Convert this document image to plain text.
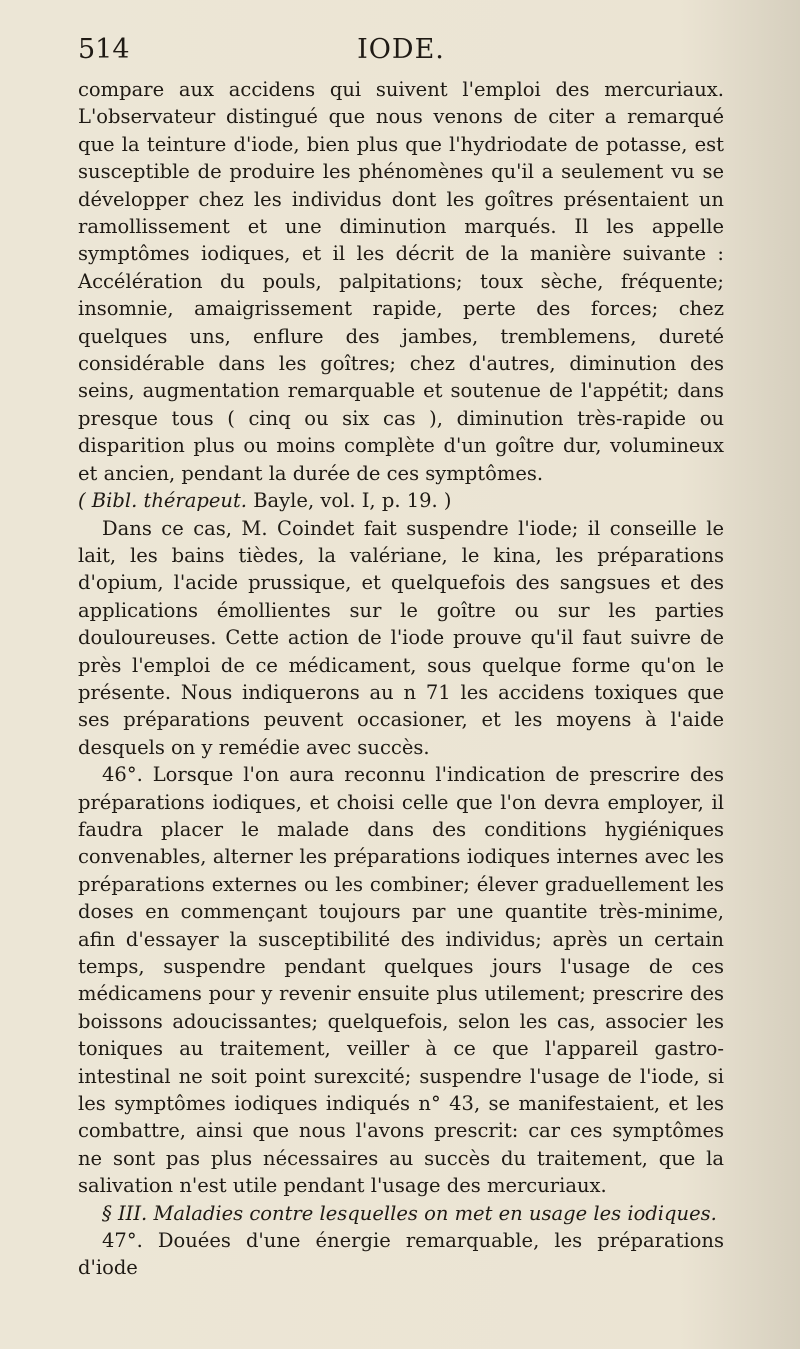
514	IODE.

compare aux accidens qui suivent l'emploi des mercuriaux. L'observateur distingué que nous venons de citer a remarqué que la teinture d'iode, bien plus que l'hydriodate de potasse, est susceptible de produire les phénomènes qu'il a seulement vu se développer chez les individus dont les goîtres présentaient un ramollissement et une diminution marqués. Il les appelle symptômes iodiques, et il les décrit de la manière suivante : Accélération du pouls, palpitations; toux sèche, fréquente; insomnie, amaigrissement rapide, perte des forces; chez quelques uns, enflure des jambes, tremblemens, dureté considérable dans les goîtres; chez d'autres, diminution des seins, augmentation remarquable et soutenue de l'appétit; dans presque tous ( cinq ou six cas ), diminution très-rapide ou disparition plus ou moins complète d'un goître dur, volumineux et ancien, pendant la durée de ces symptômes.
( Bibl. thérapeut. Bayle, vol. I, p. 19. )

Dans ce cas, M. Coindet fait suspendre l'iode; il conseille le lait, les bains tièdes, la valériane, le kina, les préparations d'opium, l'acide prussique, et quelquefois des sangsues et des applications émollientes sur le goître ou sur les parties douloureuses. Cette action de l'iode prouve qu'il faut suivre de près l'emploi de ce médicament, sous quelque forme qu'on le présente. Nous indiquerons au n 71 les accidens toxiques que ses préparations peuvent occasioner, et les moyens à l'aide desquels on y remédie avec succès.

46°. Lorsque l'on aura reconnu l'indication de prescrire des préparations iodiques, et choisi celle que l'on devra employer, il faudra placer le malade dans des conditions hygiéniques convenables, alterner les préparations iodiques internes avec les préparations externes ou les combiner; élever graduellement les doses en commençant toujours par une quantite très-minime, afin d'essayer la susceptibilité des individus; après un certain temps, suspendre pendant quelques jours l'usage de ces médicamens pour y revenir ensuite plus utilement; prescrire des boissons adoucissantes; quelquefois, selon les cas, associer les toniques au traitement, veiller à ce que l'appareil gastro-intestinal ne soit point surexcité; suspendre l'usage de l'iode, si les symptômes iodiques indiqués n° 43, se manifestaient, et les combattre, ainsi que nous l'avons prescrit: car ces symptômes ne sont pas plus nécessaires au succès du traitement, que la salivation n'est utile pendant l'usage des mercuriaux.

§ III. Maladies contre lesquelles on met en usage les iodiques.

47°. Douées d'une énergie remarquable, les préparations d'iode
